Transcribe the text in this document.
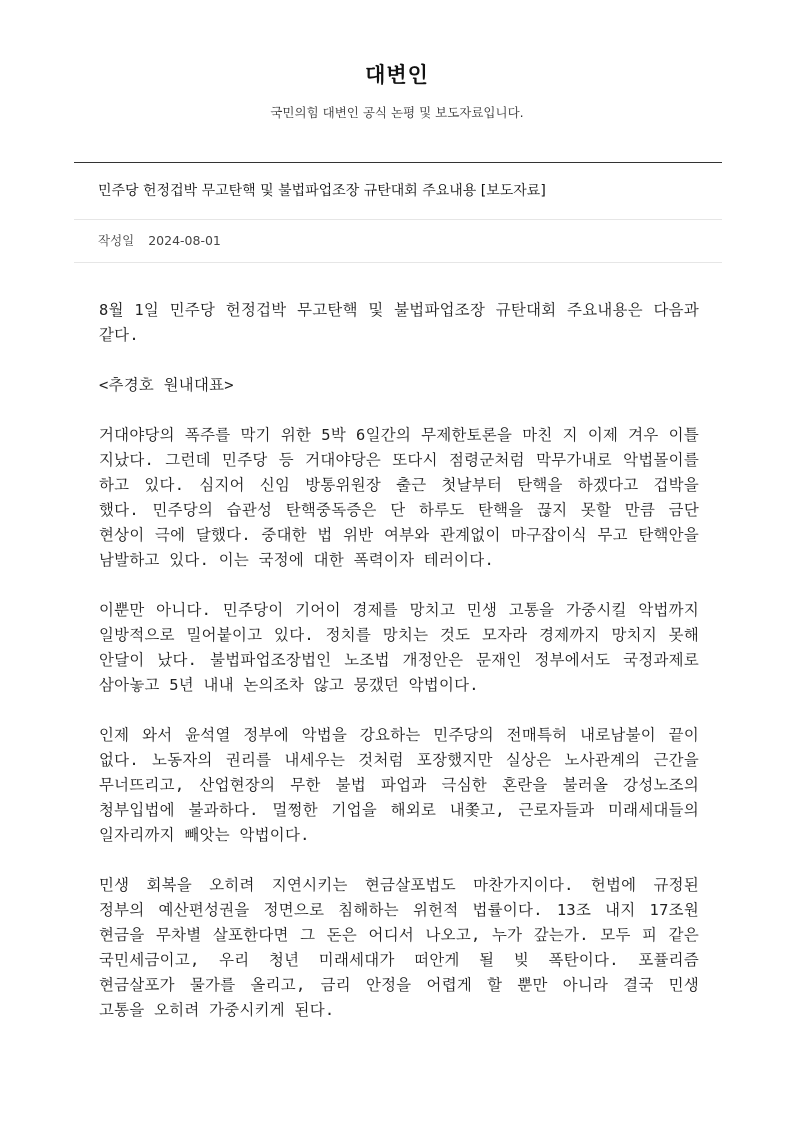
대변인
국민의힘 대변인 공식 논평 및 보도자료입니다.
민주당 헌정겁박 무고탄핵 및 불법파업조장 규탄대회 주요내용 [보도자료]
작성일 2024-08-01

8월 1일 민주당 헌정겁박 무고탄핵 및 불법파업조장 규탄대회 주요내용은 다음과 같다.

<추경호 원내대표>

거대야당의 폭주를 막기 위한 5박 6일간의 무제한토론을 마친 지 이제 겨우 이틀 지났다. 그런데 민주당 등 거대야당은 또다시 점령군처럼 막무가내로 악법몰이를 하고 있다. 심지어 신임 방통위원장 출근 첫날부터 탄핵을 하겠다고 겁박을 했다. 민주당의 습관성 탄핵중독증은 단 하루도 탄핵을 끊지 못할 만큼 금단 현상이 극에 달했다. 중대한 법 위반 여부와 관계없이 마구잡이식 무고 탄핵안을 남발하고 있다. 이는 국정에 대한 폭력이자 테러이다.

이뿐만 아니다. 민주당이 기어이 경제를 망치고 민생 고통을 가중시킬 악법까지 일방적으로 밀어붙이고 있다. 정치를 망치는 것도 모자라 경제까지 망치지 못해 안달이 났다. 불법파업조장법인 노조법 개정안은 문재인 정부에서도 국정과제로 삼아놓고 5년 내내 논의조차 않고 뭉갰던 악법이다.

인제 와서 윤석열 정부에 악법을 강요하는 민주당의 전매특허 내로남불이 끝이 없다. 노동자의 권리를 내세우는 것처럼 포장했지만 실상은 노사관계의 근간을 무너뜨리고, 산업현장의 무한 불법 파업과 극심한 혼란을 불러올 강성노조의 청부입법에 불과하다. 멀쩡한 기업을 해외로 내쫓고, 근로자들과 미래세대들의 일자리까지 빼앗는 악법이다.

민생 회복을 오히려 지연시키는 현금살포법도 마찬가지이다. 헌법에 규정된 정부의 예산편성권을 정면으로 침해하는 위헌적 법률이다. 13조 내지 17조원 현금을 무차별 살포한다면 그 돈은 어디서 나오고, 누가 갚는가. 모두 피 같은 국민세금이고, 우리 청년 미래세대가 떠안게 될 빚 폭탄이다. 포퓰리즘 현금살포가 물가를 올리고, 금리 안정을 어렵게 할 뿐만 아니라 결국 민생 고통을 오히려 가중시키게 된다.
